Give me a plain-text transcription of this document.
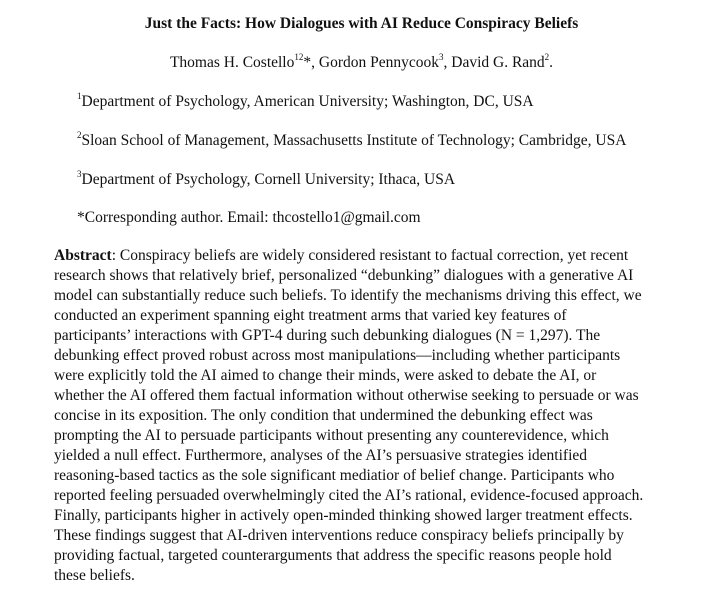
Just the Facts: How Dialogues with AI Reduce Conspiracy Beliefs
Thomas H. Costello$^{12}$*, Gordon Pennycook$^3$, David G. Rand$^2$.
$^1$Department of Psychology, American University; Washington, DC, USA
$^2$Sloan School of Management, Massachusetts Institute of Technology; Cambridge, USA
$^3$Department of Psychology, Cornell University; Ithaca, USA
*Corresponding author. Email: thcostello1@gmail.com
Abstract: Conspiracy beliefs are widely considered resistant to factual correction, yet recent
research shows that relatively brief, personalized “debunking” dialogues with a generative AI
model can substantially reduce such beliefs. To identify the mechanisms driving this effect, we
conducted an experiment spanning eight treatment arms that varied key features of
participants’ interactions with GPT-4 during such debunking dialogues (N = 1,297). The
debunking effect proved robust across most manipulations—including whether participants
were explicitly told the AI aimed to change their minds, were asked to debate the AI, or
whether the AI offered them factual information without otherwise seeking to persuade or was
concise in its exposition. The only condition that undermined the debunking effect was
prompting the AI to persuade participants without presenting any counterevidence, which
yielded a null effect. Furthermore, analyses of the AI’s persuasive strategies identified
reasoning-based tactics as the sole significant mediatior of belief change. Participants who
reported feeling persuaded overwhelmingly cited the AI’s rational, evidence-focused approach.
Finally, participants higher in actively open-minded thinking showed larger treatment effects.
These findings suggest that AI-driven interventions reduce conspiracy beliefs principally by
providing factual, targeted counterarguments that address the specific reasons people hold
these beliefs.
